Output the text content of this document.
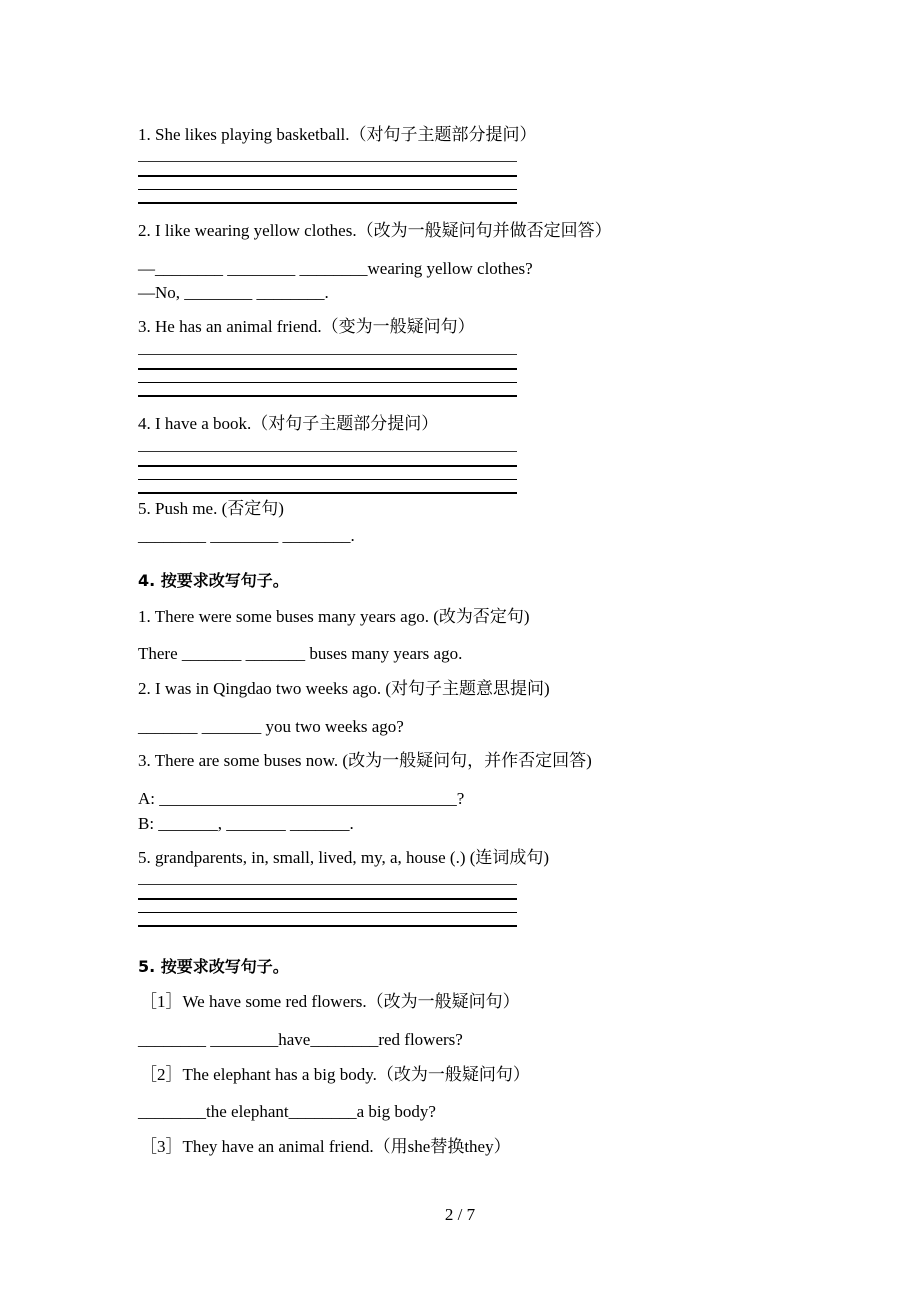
1. She likes playing basketball.（对句子主题部分提问）
2. I like wearing yellow clothes.（改为一般疑问句并做否定回答）
—________ ________ ________wearing yellow clothes?
—No, ________ ________.
3. He has an animal friend.（变为一般疑问句）
4. I have a book.（对句子主题部分提问）
5. Push me. (否定句)
________ ________ ________.
4. 按要求改写句子。
1. There were some buses many years ago. (改为否定句)
There _______ _______ buses many years ago.
2. I was in Qingdao two weeks ago. (对句子主题意思提问)
_______ _______ you two weeks ago?
3. There are some buses now. (改为一般疑问句，并作否定回答)
A: ___________________________________?
B: _______, _______ _______.
5. grandparents, in, small, lived, my, a, house (.) (连词成句)
5. 按要求改写句子。
［1］We have some red flowers.（改为一般疑问句）
________ ________have________red flowers?
［2］The elephant has a big body.（改为一般疑问句）
________the elephant________a big body?
［3］They have an animal friend.（用she替换they）
2 / 7
